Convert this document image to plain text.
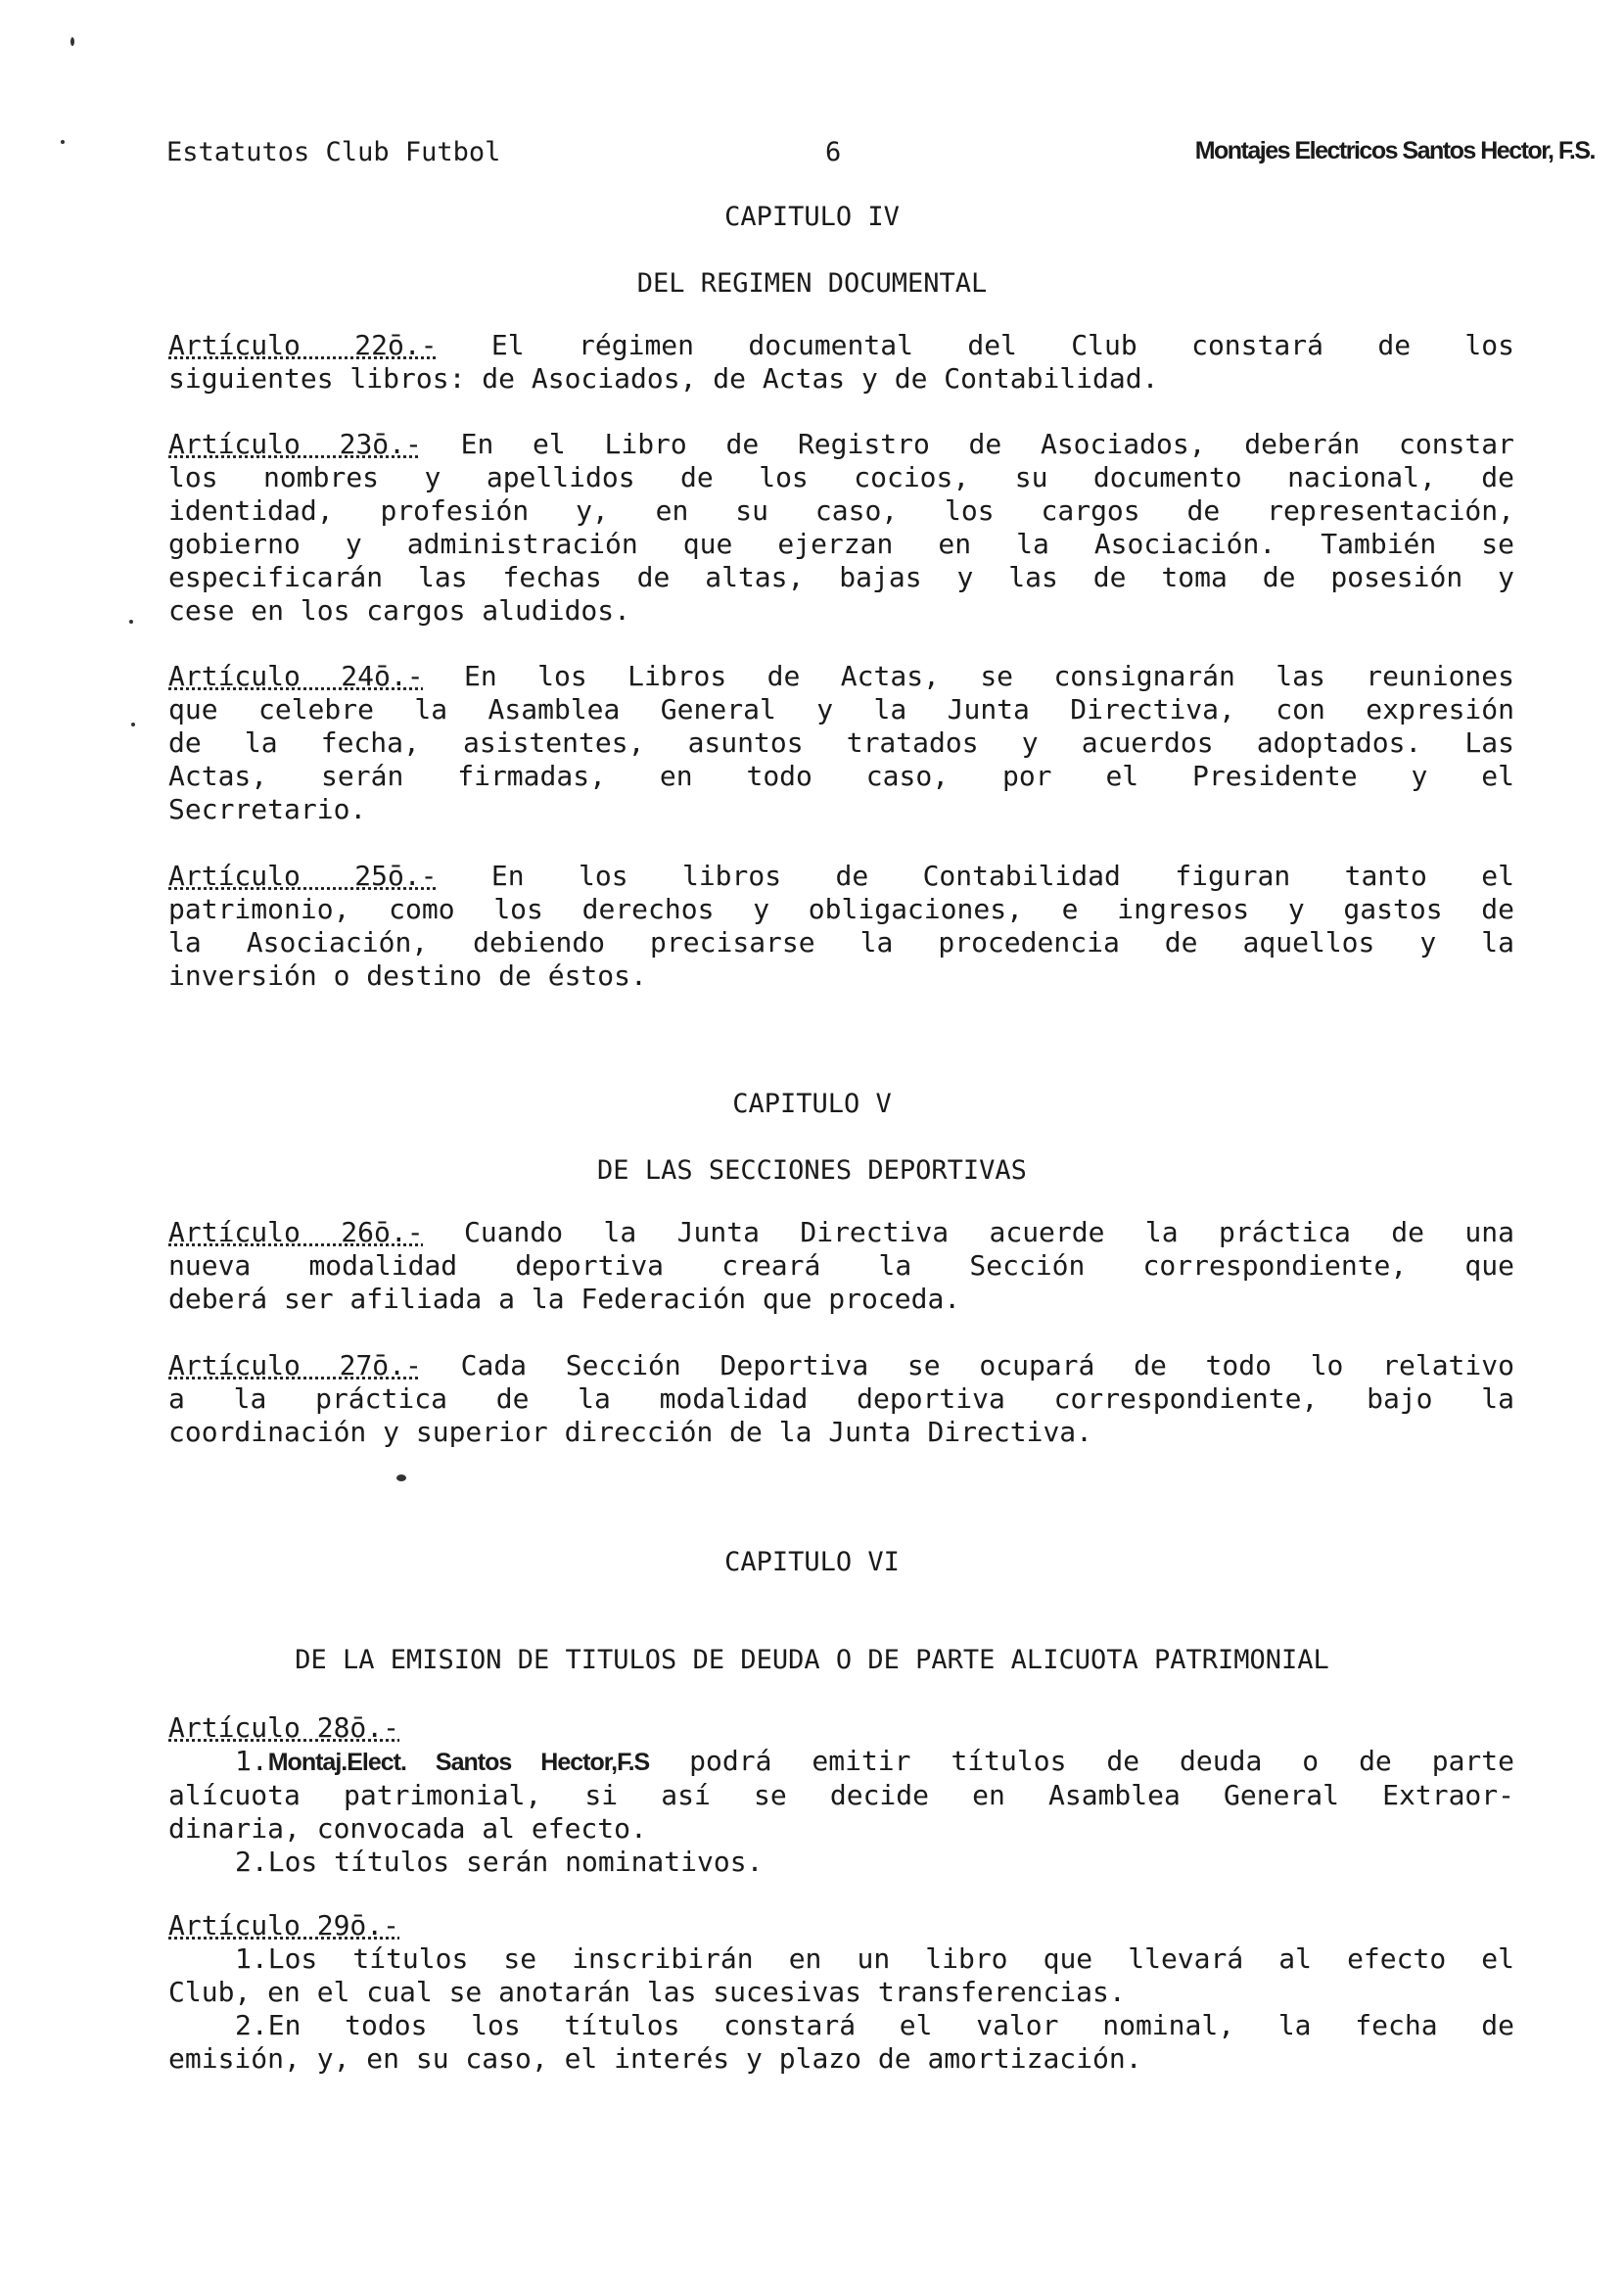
Estatutos Club Futbol	6	Montajes Electricos Santos Hector, F.S.
CAPITULO IV
DEL REGIMEN DOCUMENTAL
Artículo 22ō.- El régimen documental del Club constará de los
siguientes libros: de Asociados, de Actas y de Contabilidad.
Artículo 23ō.- En el Libro de Registro de Asociados, deberán constar
los nombres y apellidos de los cocios, su documento nacional, de
identidad, profesión y, en su caso, los cargos de representación,
gobierno y administración que ejerzan en la Asociación. También se
especificarán las fechas de altas, bajas y las de toma de posesión y
cese en los cargos aludidos.
Artículo 24ō.- En los Libros de Actas, se consignarán las reuniones
que celebre la Asamblea General y la Junta Directiva, con expresión
de la fecha, asistentes, asuntos tratados y acuerdos adoptados. Las
Actas, serán firmadas, en todo caso, por el Presidente y el
Secrretario.
Artículo 25ō.- En los libros de Contabilidad figuran tanto el
patrimonio, como los derechos y obligaciones, e ingresos y gastos de
la Asociación, debiendo precisarse la procedencia de aquellos y la
inversión o destino de éstos.
CAPITULO V
DE LAS SECCIONES DEPORTIVAS
Artículo 26ō.- Cuando la Junta Directiva acuerde la práctica de una
nueva modalidad deportiva creará la Sección correspondiente, que
deberá ser afiliada a la Federación que proceda.
Artículo 27ō.- Cada Sección Deportiva se ocupará de todo lo relativo
a la práctica de la modalidad deportiva correspondiente, bajo la
coordinación y superior dirección de la Junta Directiva.
CAPITULO VI
DE LA EMISION DE TITULOS DE DEUDA O DE PARTE ALICUOTA PATRIMONIAL
Artículo 28ō.-
1.Montaj.Elect. Santos Hector,F.S podrá emitir títulos de deuda o de parte
alícuota patrimonial, si así se decide en Asamblea General Extraor-
dinaria, convocada al efecto.
2.Los títulos serán nominativos.
Artículo 29ō.-
1.Los títulos se inscribirán en un libro que llevará al efecto el
Club, en el cual se anotarán las sucesivas transferencias.
2.En todos los títulos constará el valor nominal, la fecha de
emisión, y, en su caso, el interés y plazo de amortización.
